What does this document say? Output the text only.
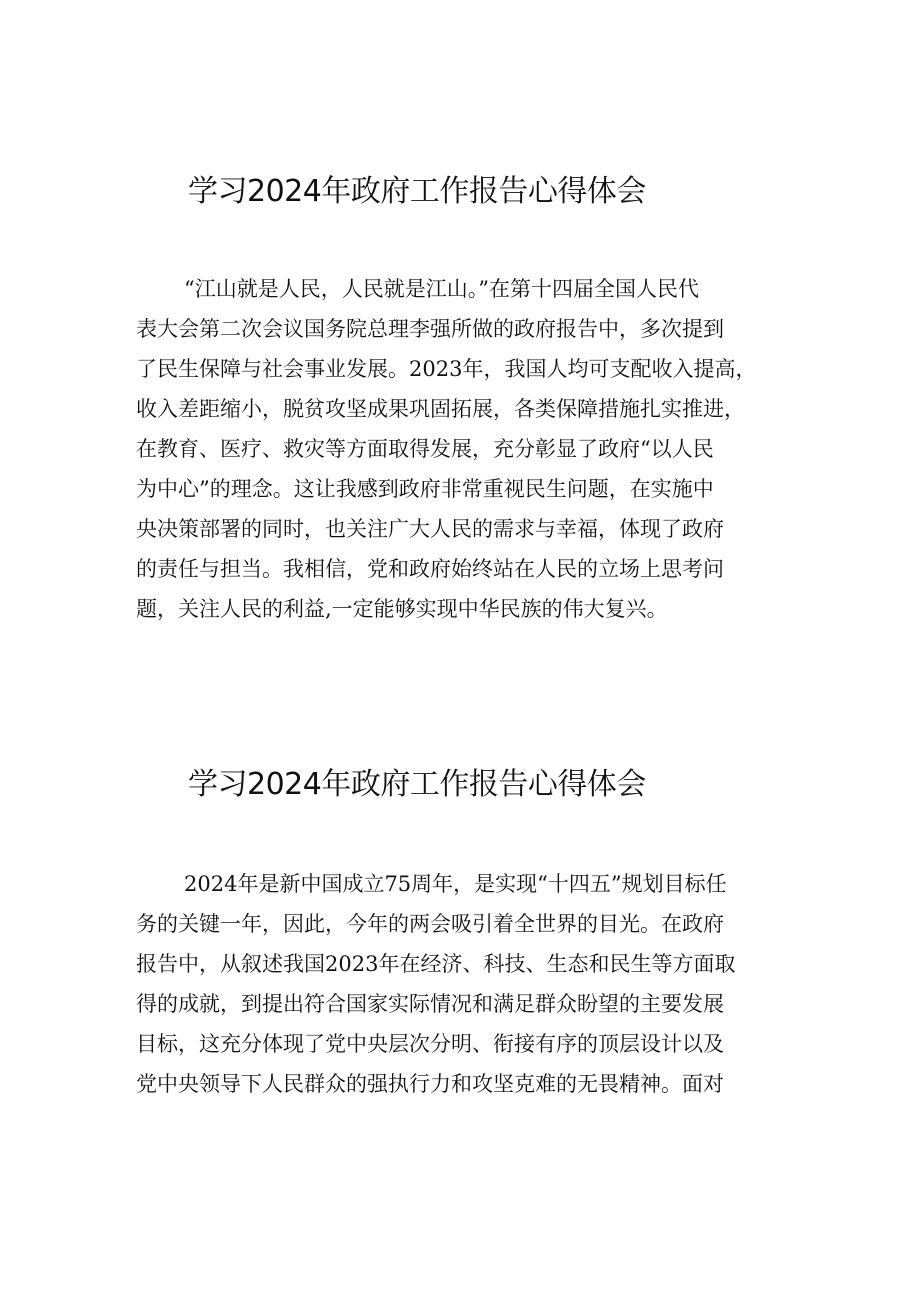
学习2024年政府工作报告心得体会
“江山就是人民，人民就是江山。”在第十四届全国人民代
表大会第二次会议国务院总理李强所做的政府报告中，多次提到
了民生保障与社会事业发展。2023年，我国人均可支配收入提高，
收入差距缩小，脱贫攻坚成果巩固拓展，各类保障措施扎实推进，
在教育、医疗、救灾等方面取得发展，充分彰显了政府“以人民
为中心”的理念。这让我感到政府非常重视民生问题，在实施中
央决策部署的同时，也关注广大人民的需求与幸福，体现了政府
的责任与担当。我相信，党和政府始终站在人民的立场上思考问
题，关注人民的利益,一定能够实现中华民族的伟大复兴。
学习2024年政府工作报告心得体会
2024年是新中国成立75周年，是实现“十四五”规划目标任
务的关键一年，因此，今年的两会吸引着全世界的目光。在政府
报告中，从叙述我国2023年在经济、科技、生态和民生等方面取
得的成就，到提出符合国家实际情况和满足群众盼望的主要发展
目标，这充分体现了党中央层次分明、衔接有序的顶层设计以及
党中央领导下人民群众的强执行力和攻坚克难的无畏精神。面对
